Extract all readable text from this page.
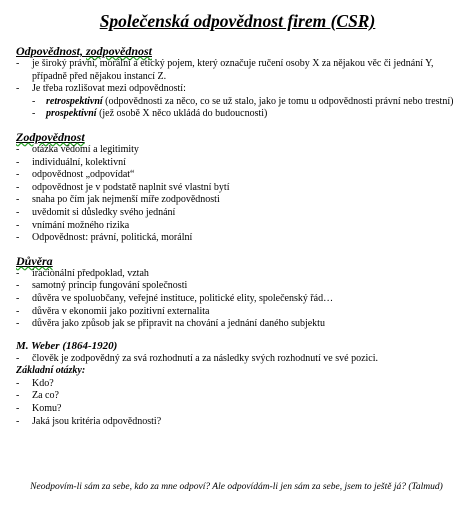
Společenská odpovědnost firem (CSR)
Odpovědnost, zodpovědnost
- je široký právní, morální a etický pojem, který označuje ručení osoby X za nějakou věc či jednání Y, případně před nějakou instancí Z.
- Je třeba rozlišovat mezi odpovědností:
- retrospektivní (odpovědnosti za něco, co se už stalo, jako je tomu u odpovědnosti právní nebo trestní)
- prospektivní (jež osobě X něco ukládá do budoucnosti)
Zodpovědnost
- otázka vědomí a legitimity
- individuální, kolektivní
- odpovědnost „odpovídat“
- odpovědnost je v podstatě naplnit své vlastní bytí
- snaha po čím jak nejmenší míře zodpovědnosti
- uvědomit si důsledky svého jednání
- vnímání možného rizika
- Odpovědnost: právní, politická, morální
Důvěra
- iracionální předpoklad, vztah
- samotný princip fungování společnosti
- důvěra ve spoluobčany, veřejné instituce, politické elity, společenský řád…
- důvěra v ekonomii jako pozitivní externalita
- důvěra jako způsob jak se připravit na chování a jednání daného subjektu
M. Weber (1864-1920)
- člověk je zodpovědný za svá rozhodnutí a za následky svých rozhodnutí ve své pozici.
Základní otázky:
- Kdo?
- Za co?
- Komu?
- Jaká jsou kritéria odpovědnosti?
Neodpovím-li sám za sebe, kdo za mne odpoví? Ale odpovídám-li jen sám za sebe, jsem to ještě já? (Talmud)
